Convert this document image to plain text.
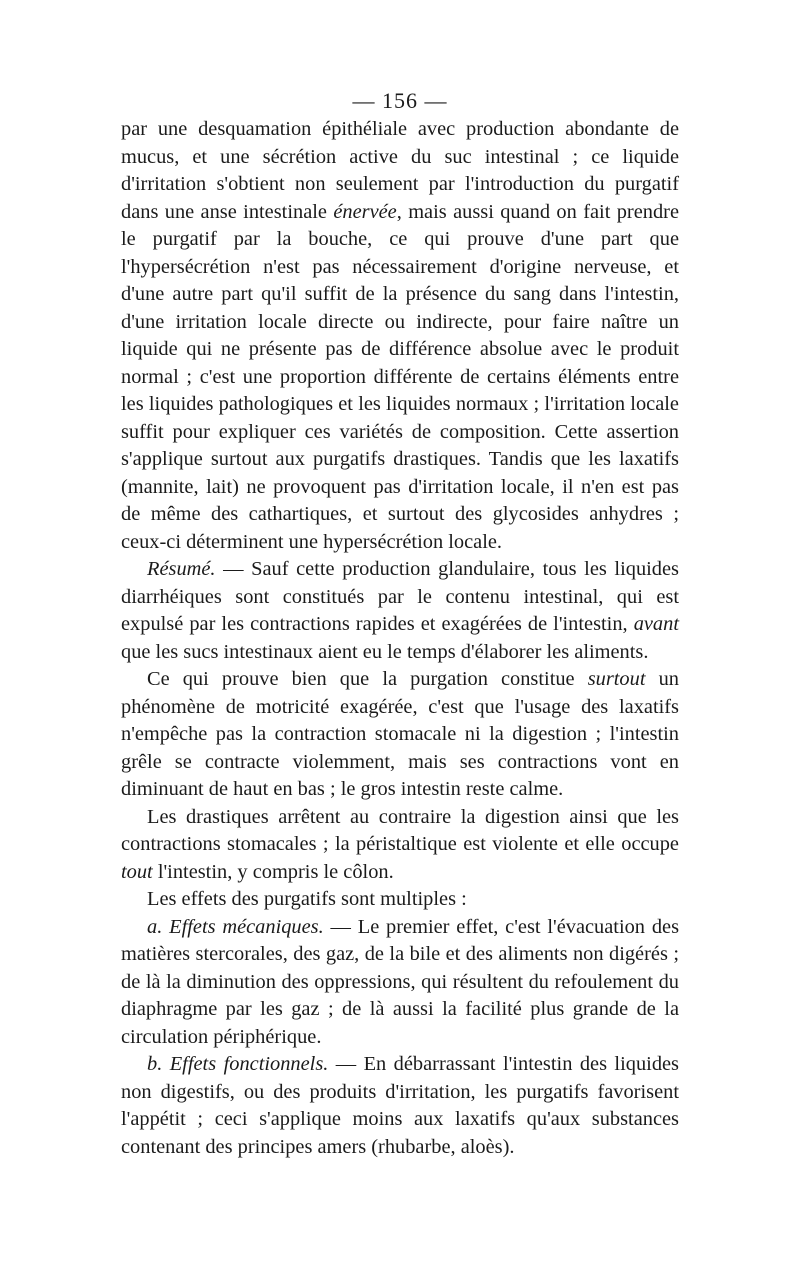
— 156 —

par une desquamation épithéliale avec production abondante de mucus, et une sécrétion active du suc intestinal ; ce liquide d'irritation s'obtient non seulement par l'introduction du purgatif dans une anse intestinale énervée, mais aussi quand on fait prendre le purgatif par la bouche, ce qui prouve d'une part que l'hypersécrétion n'est pas nécessairement d'origine nerveuse, et d'une autre part qu'il suffit de la présence du sang dans l'intestin, d'une irritation locale directe ou indirecte, pour faire naître un liquide qui ne présente pas de différence absolue avec le produit normal ; c'est une proportion différente de certains éléments entre les liquides pathologiques et les liquides normaux ; l'irritation locale suffit pour expliquer ces variétés de composition. Cette assertion s'applique surtout aux purgatifs drastiques. Tandis que les laxatifs (mannite, lait) ne provoquent pas d'irritation locale, il n'en est pas de même des cathartiques, et surtout des glycosides anhydres ; ceux-ci déterminent une hypersécrétion locale.

Résumé. — Sauf cette production glandulaire, tous les liquides diarrhéiques sont constitués par le contenu intestinal, qui est expulsé par les contractions rapides et exagérées de l'intestin, avant que les sucs intestinaux aient eu le temps d'élaborer les aliments.

Ce qui prouve bien que la purgation constitue surtout un phénomène de motricité exagérée, c'est que l'usage des laxatifs n'empêche pas la contraction stomacale ni la digestion ; l'intestin grêle se contracte violemment, mais ses contractions vont en diminuant de haut en bas ; le gros intestin reste calme.

Les drastiques arrêtent au contraire la digestion ainsi que les contractions stomacales ; la péristaltique est violente et elle occupe tout l'intestin, y compris le côlon.

Les effets des purgatifs sont multiples :

a. Effets mécaniques. — Le premier effet, c'est l'évacuation des matières stercorales, des gaz, de la bile et des aliments non digérés ; de là la diminution des oppressions, qui résultent du refoulement du diaphragme par les gaz ; de là aussi la facilité plus grande de la circulation périphérique.

b. Effets fonctionnels. — En débarrassant l'intestin des liquides non digestifs, ou des produits d'irritation, les purgatifs favorisent l'appétit ; ceci s'applique moins aux laxatifs qu'aux substances contenant des principes amers (rhubarbe, aloès).
